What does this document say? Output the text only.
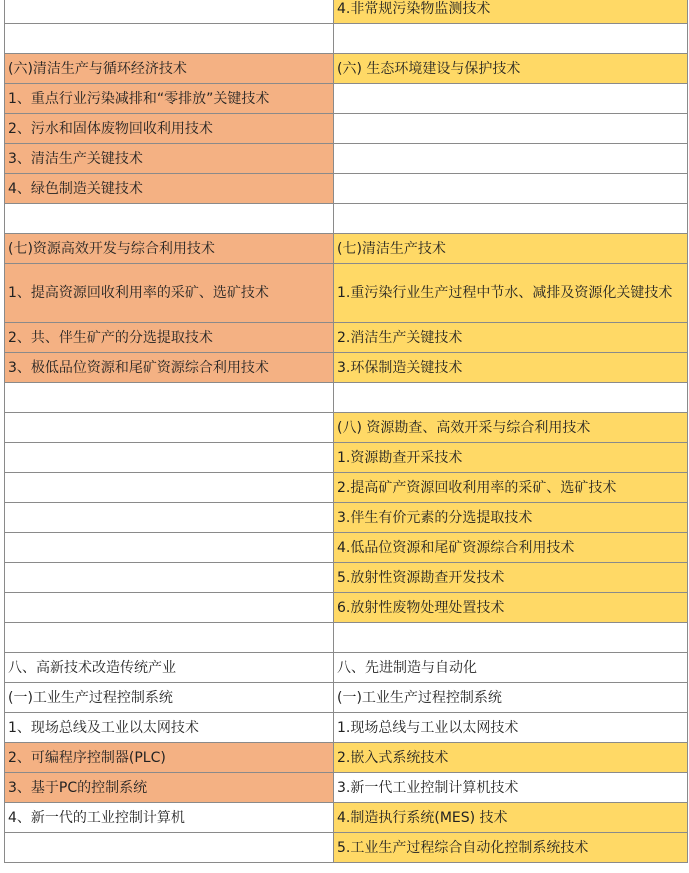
	4.非常规污染物监测技术

(六)清洁生产与循环经济技术	(六) 生态环境建设与保护技术
1、重点行业污染减排和“零排放”关键技术	
2、污水和固体废物回收利用技术	
3、清洁生产关键技术	
4、绿色制造关键技术	

(七)资源高效开发与综合利用技术	(七)清洁生产技术
1、提高资源回收利用率的采矿、选矿技术	1.重污染行业生产过程中节水、减排及资源化关键技术
2、共、伴生矿产的分选提取技术	2.消洁生产关键技术
3、极低品位资源和尾矿资源综合利用技术	3.环保制造关键技术

	(八) 资源勘查、高效开采与综合利用技术
	1.资源勘查开采技术
	2.提高矿产资源回收利用率的采矿、选矿技术
	3.伴生有价元素的分选提取技术
	4.低品位资源和尾矿资源综合利用技术
	5.放射性资源勘查开发技术
	6.放射性废物处理处置技术

八、高新技术改造传统产业	八、先进制造与自动化
(一)工业生产过程控制系统	(一)工业生产过程控制系统
1、现场总线及工业以太网技术	1.现场总线与工业以太网技术
2、可编程序控制器(PLC)	2.嵌入式系统技术
3、基于PC的控制系统	3.新一代工业控制计算机技术
4、新一代的工业控制计算机	4.制造执行系统(MES) 技术
	5.工业生产过程综合自动化控制系统技术
